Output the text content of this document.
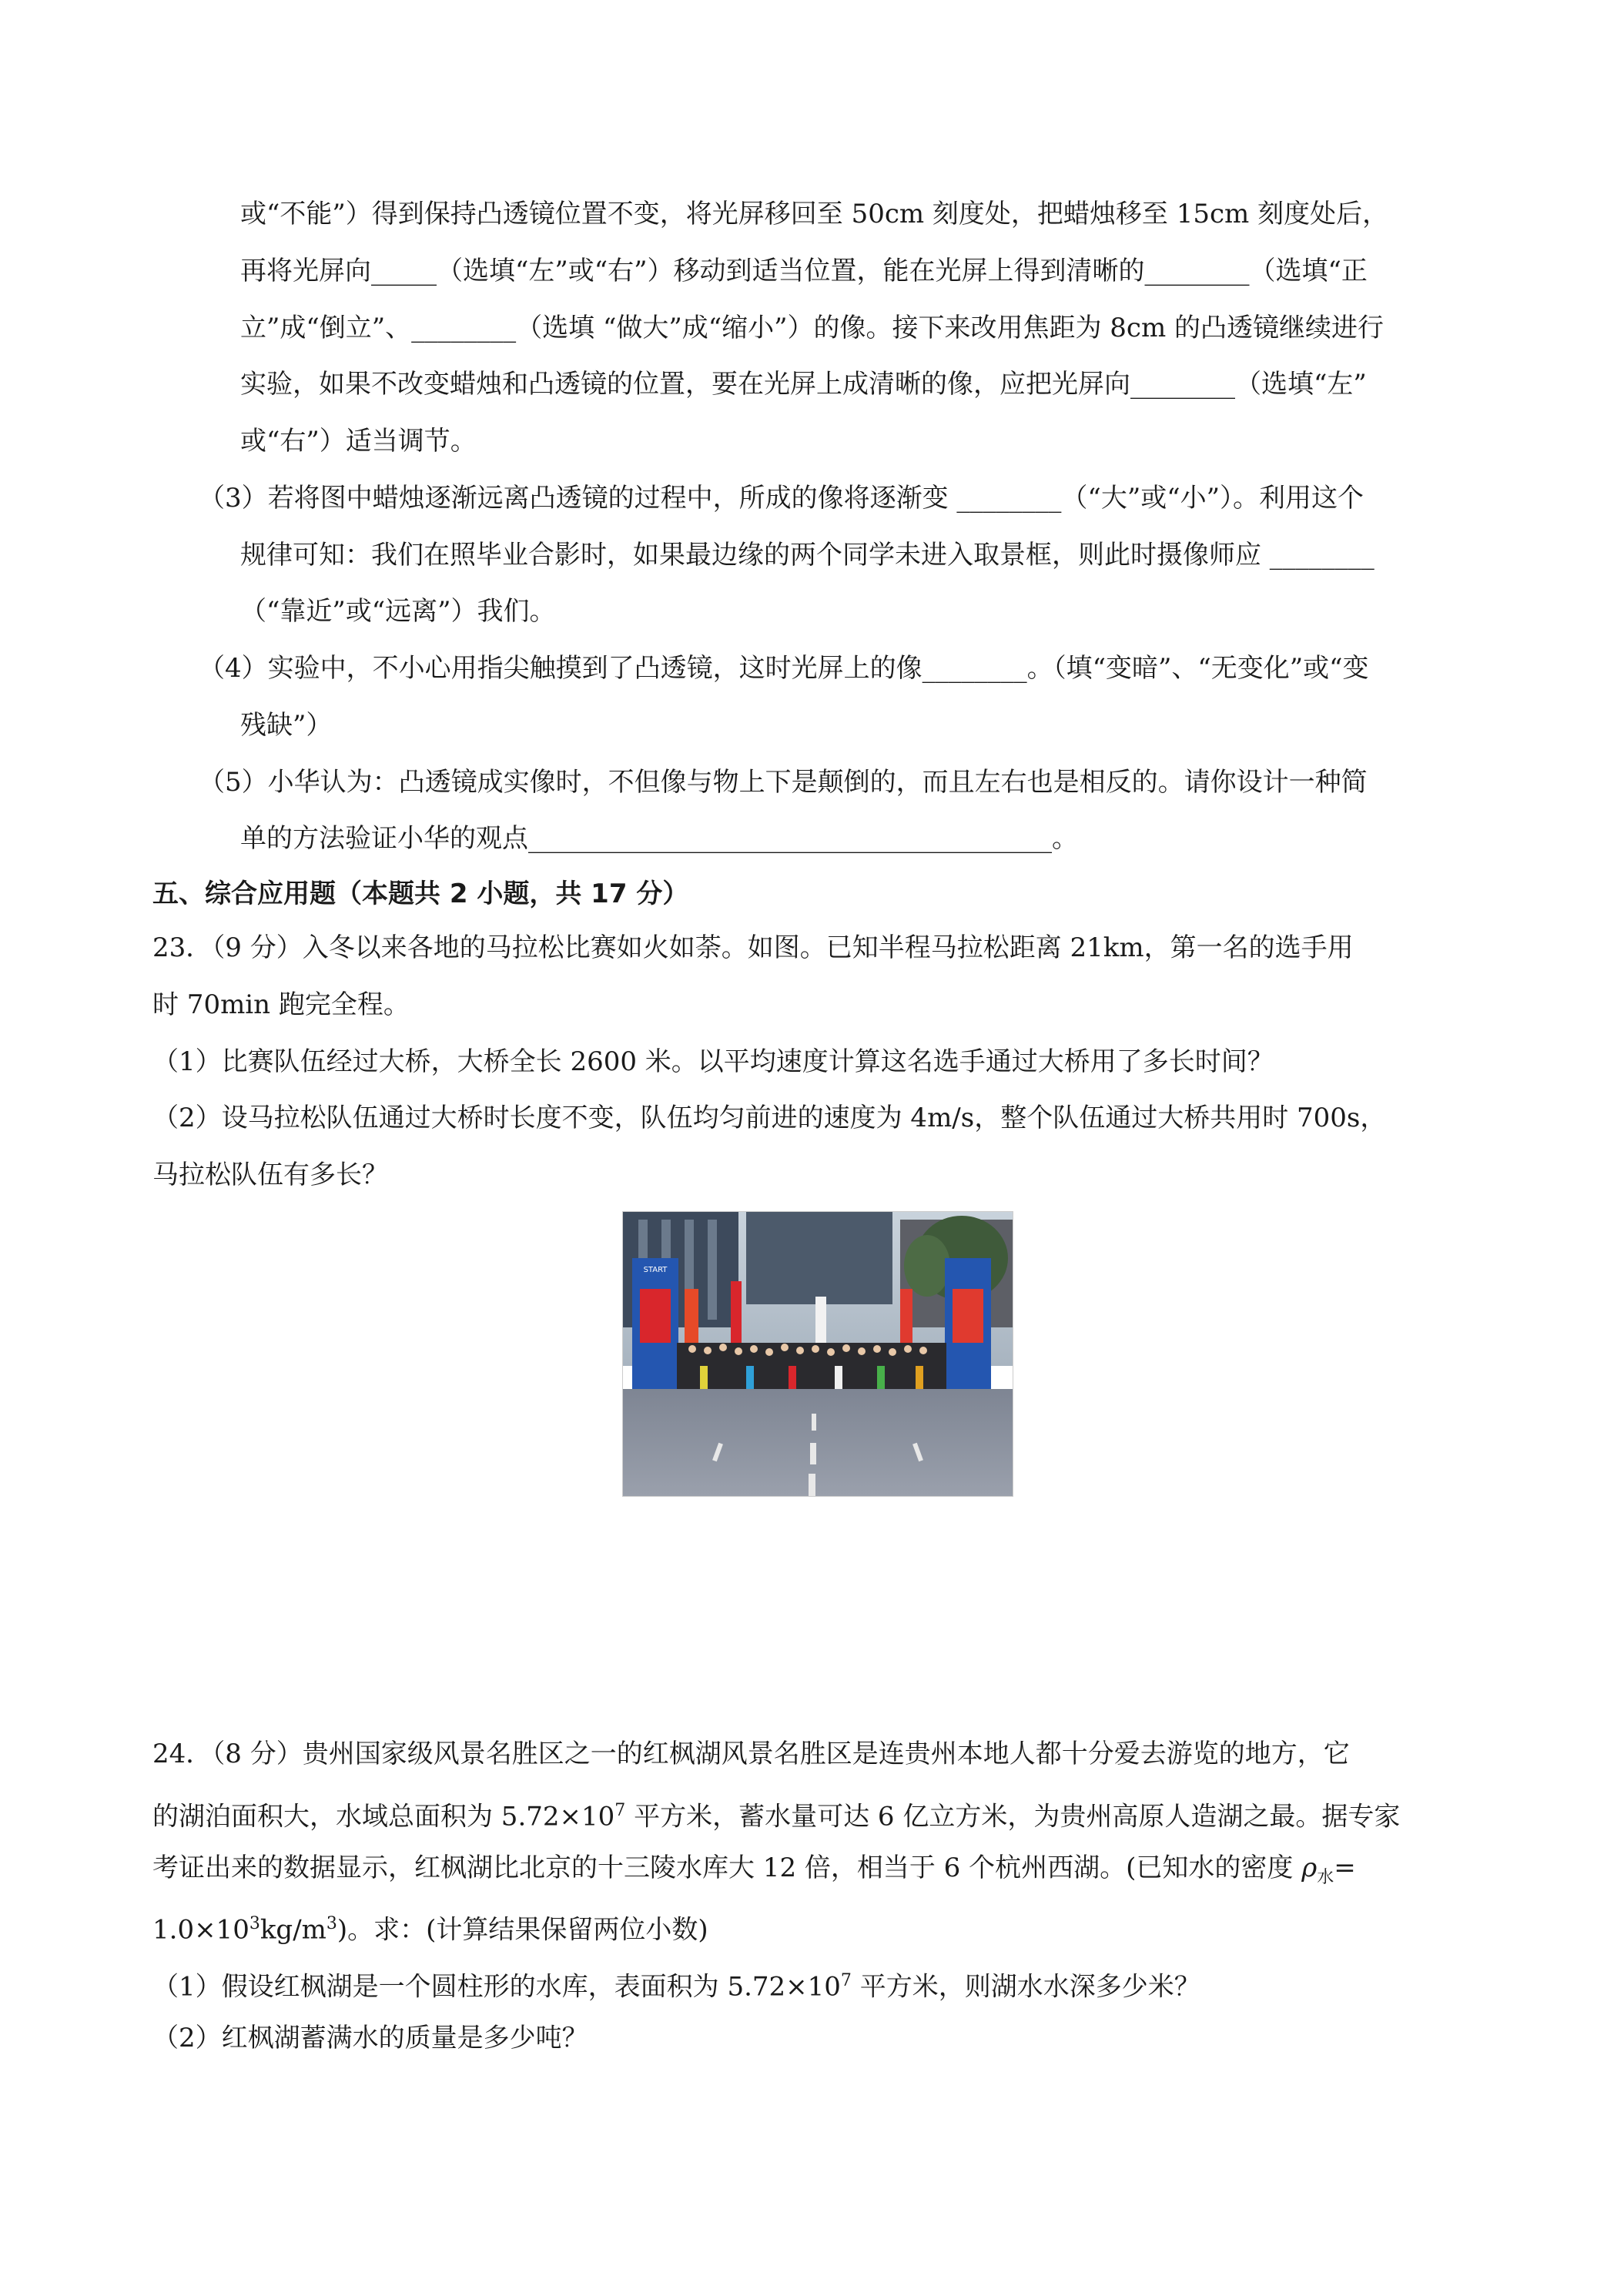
或“不能”）得到保持凸透镜位置不变，将光屏移回至 50cm 刻度处，把蜡烛移至 15cm 刻度处后，
再将光屏向_____（选填“左”或“右”）移动到适当位置，能在光屏上得到清晰的________（选填“正
立”成“倒立”、________（选填 “做大”成“缩小”）的像。接下来改用焦距为 8cm 的凸透镜继续进行
实验，如果不改变蜡烛和凸透镜的位置，要在光屏上成清晰的像，应把光屏向________（选填“左”
或“右”）适当调节。
（3）若将图中蜡烛逐渐远离凸透镜的过程中，所成的像将逐渐变 ________（“大”或“小”）。利用这个
规律可知：我们在照毕业合影时，如果最边缘的两个同学未进入取景框，则此时摄像师应 ________
（“靠近”或“远离”）我们。
（4）实验中，不小心用指尖触摸到了凸透镜，这时光屏上的像________。（填“变暗”、“无变化”或“变
残缺”）
（5）小华认为：凸透镜成实像时，不但像与物上下是颠倒的，而且左右也是相反的。请你设计一种简
单的方法验证小华的观点________________________________________。
五、综合应用题（本题共 2 小题，共 17 分）
23．（9 分）入冬以来各地的马拉松比赛如火如荼。如图。已知半程马拉松距离 21km，第一名的选手用
时 70min 跑完全程。
（1）比赛队伍经过大桥，大桥全长 2600 米。以平均速度计算这名选手通过大桥用了多长时间？
（2）设马拉松队伍通过大桥时长度不变，队伍均匀前进的速度为 4m/s，整个队伍通过大桥共用时 700s，
马拉松队伍有多长？
START
24．（8 分）贵州国家级风景名胜区之一的红枫湖风景名胜区是连贵州本地人都十分爱去游览的地方，它
的湖泊面积大，水域总面积为 $5.72\times 10^7$ 平方米，蓄水量可达 6 亿立方米，为贵州高原人造湖之最。据专家
考证出来的数据显示，红枫湖比北京的十三陵水库大 12 倍，相当于 6 个杭州西湖。(已知水的密度 $\rho_水=$
$1.0\times 10^3kg/m^3$)。求：(计算结果保留两位小数)
（1）假设红枫湖是一个圆柱形的水库，表面积为 $5.72\times 10^7$ 平方米，则湖水水深多少米？
（2）红枫湖蓄满水的质量是多少吨？
